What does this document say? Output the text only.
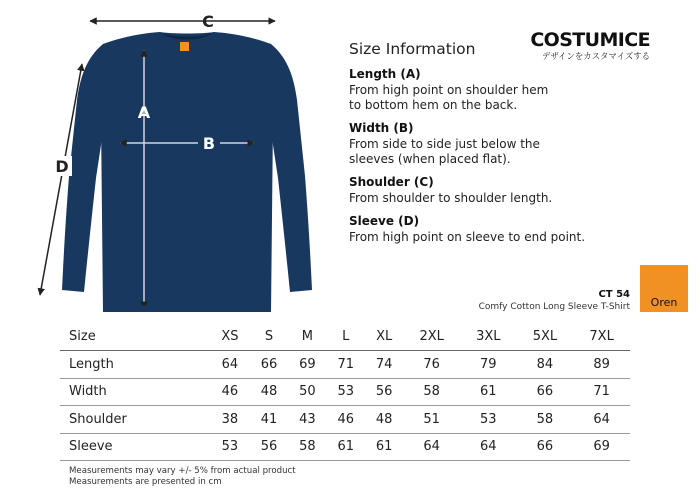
C
A
B
D
COSTUMICE
デザインをカスタマイズする
Size Information
Length (A)
From high point on shoulder hem
to bottom hem on the back.
Width (B)
From side to side just below the
sleeves (when placed flat).
Shoulder (C)
From shoulder to shoulder length.
Sleeve (D)
From high point on sleeve to end point.
CT 54
Comfy Cotton Long Sleeve T-Shirt	Oren
Size	XS	S	M	L	XL	2XL	3XL	5XL	7XL
Length	64	66	69	71	74	76	79	84	89
Width	46	48	50	53	56	58	61	66	71
Shoulder	38	41	43	46	48	51	53	58	64
Sleeve	53	56	58	61	61	64	64	66	69
Measurements may vary +/- 5% from actual product
Measurements are presented in cm
